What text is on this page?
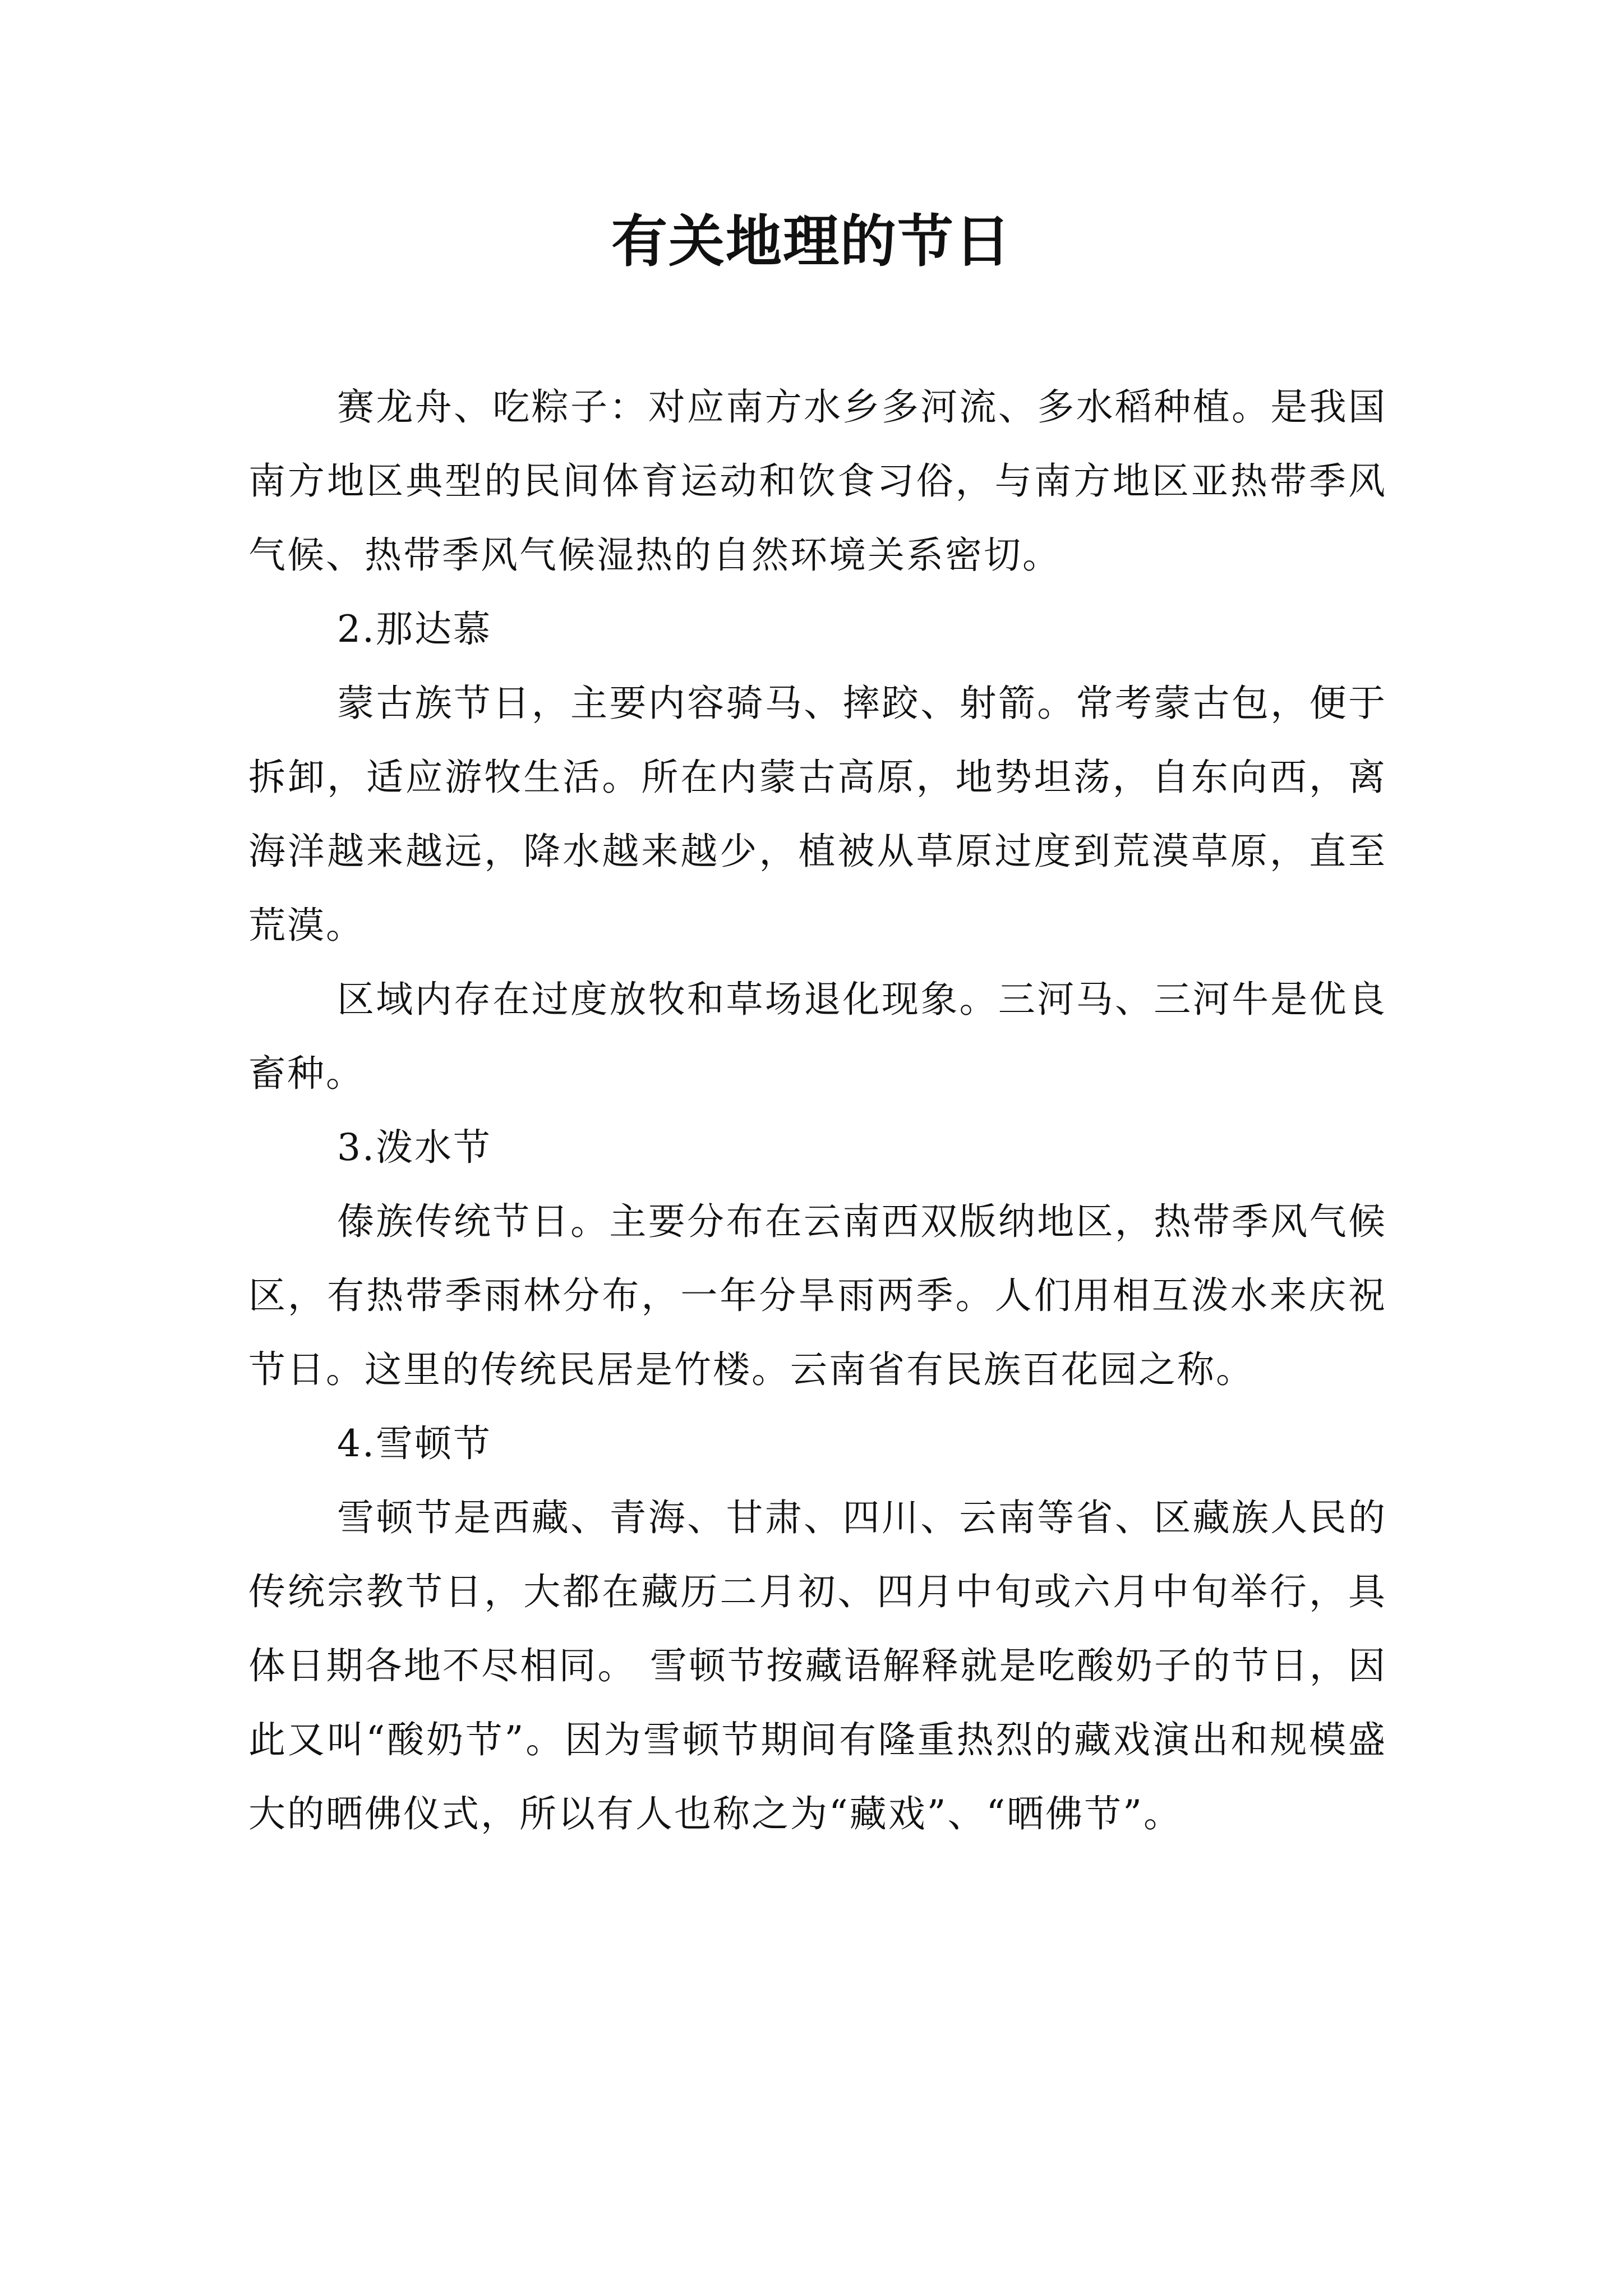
有关地理的节日

赛龙舟、吃粽子：对应南方水乡多河流、多水稻种植。是我国南方地区典型的民间体育运动和饮食习俗，与南方地区亚热带季风气候、热带季风气候湿热的自然环境关系密切。

2.那达慕

蒙古族节日，主要内容骑马、摔跤、射箭。常考蒙古包，便于拆卸，适应游牧生活。所在内蒙古高原，地势坦荡，自东向西，离海洋越来越远，降水越来越少，植被从草原过度到荒漠草原，直至荒漠。

区域内存在过度放牧和草场退化现象。三河马、三河牛是优良畜种。

3.泼水节

傣族传统节日。主要分布在云南西双版纳地区，热带季风气候区，有热带季雨林分布，一年分旱雨两季。人们用相互泼水来庆祝节日。这里的传统民居是竹楼。云南省有民族百花园之称。

4.雪顿节

雪顿节是西藏、青海、甘肃、四川、云南等省、区藏族人民的传统宗教节日，大都在藏历二月初、四月中旬或六月中旬举行，具体日期各地不尽相同。 雪顿节按藏语解释就是吃酸奶子的节日，因此又叫“酸奶节”。因为雪顿节期间有隆重热烈的藏戏演出和规模盛大的晒佛仪式，所以有人也称之为“藏戏”、“晒佛节”。
